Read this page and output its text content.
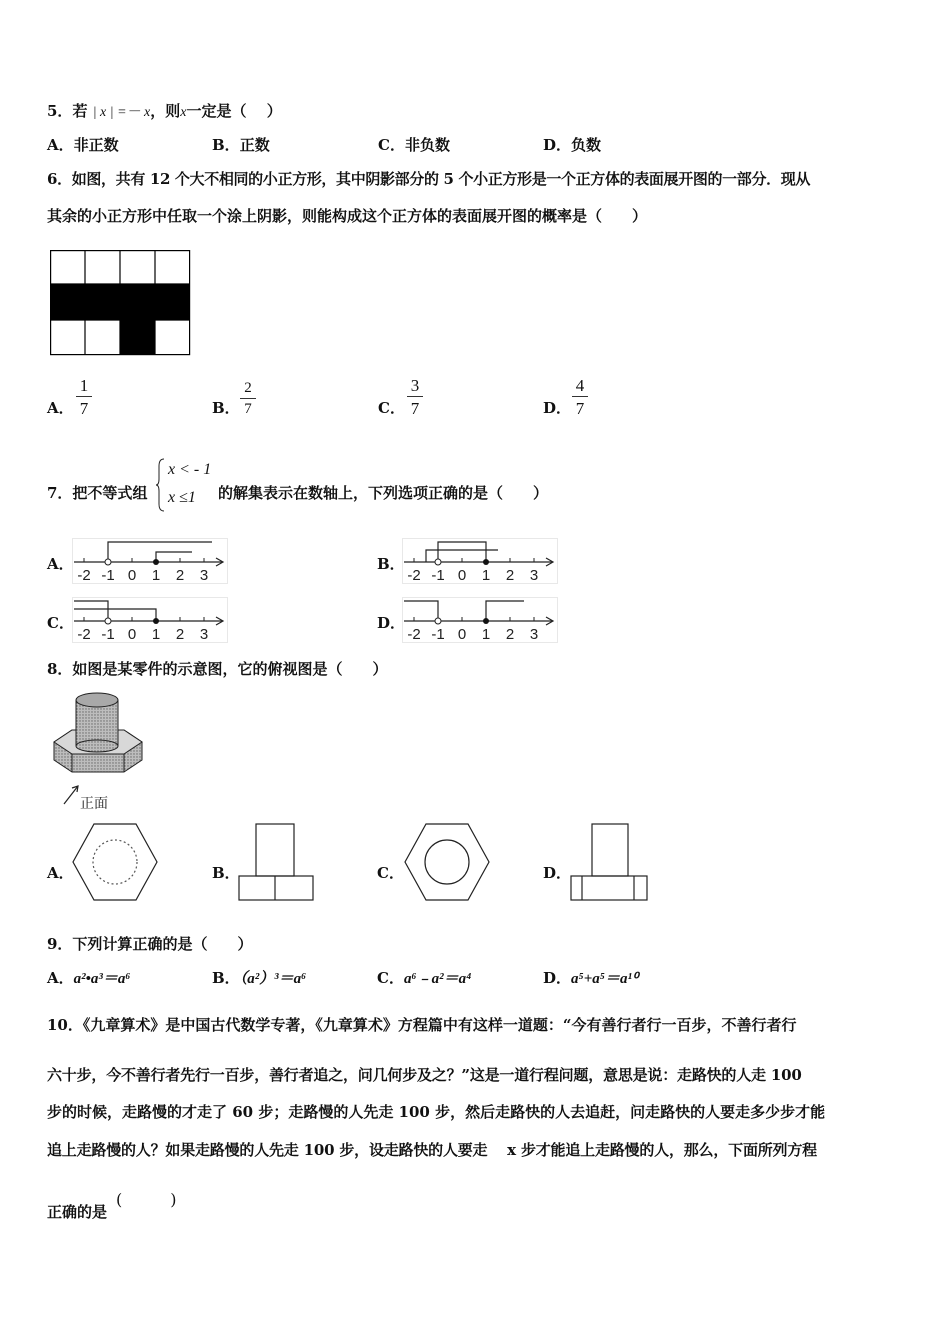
5．若 | x | =－ x，则x一定是（　 ）
A．非正数	B．正数	C．非负数	D．负数
6．如图，共有 12 个大不相同的小正方形，其中阴影部分的 5 个小正方形是一个正方体的表面展开图的一部分．现从
其余的小正方形中任取一个涂上阴影，则能构成这个正方体的表面展开图的概率是（　　）
A． $\frac{1}{7}$	B． $\frac{2}{7}$	C． $\frac{3}{7}$	D． $\frac{4}{7}$
7．把不等式组
x < - 1
x ≤1 的解集表示在数轴上，下列选项正确的是（　　）
A．	B．
C．	D．
-2 -1 0 1 2 3	-2 -1 0 1 2 3
-2 -1 0 1 2 3	-2 -1 0 1 2 3
8．如图是某零件的示意图，它的俯视图是（　　）
正面
A．	B．	C．	D．
9．下列计算正确的是（　　）
A．a²•a³＝a⁶	B．（a²）³＝a⁶	C．a⁶﹣a²＝a⁴	D．a⁵+a⁵＝a¹⁰
10．《九章算术》是中国古代数学专著，《九章算术》方程篇中有这样一道题：“今有善行者行一百步，不善行者行
六十步，今不善行者先行一百步，善行者追之，问几何步及之？”这是一道行程问题，意思是说：走路快的人走 100
步的时候，走路慢的才走了 60 步；走路慢的人先走 100 步，然后走路快的人去追赶，问走路快的人要走多少步才能
追上走路慢的人？如果走路慢的人先走 100 步，设走路快的人要走　 x 步才能追上走路慢的人，那么，下面所列方程
正确的是
(　　　)
